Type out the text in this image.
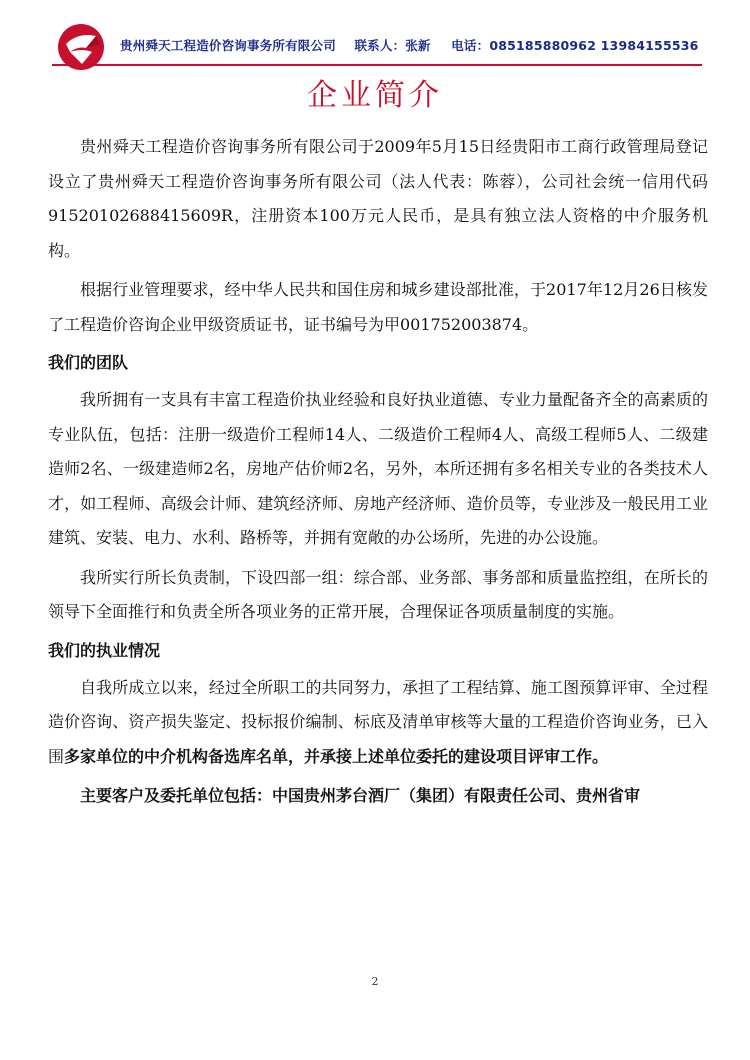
贵州舜天工程造价咨询事务所有限公司 联系人：张新 电话：085185880962 13984155536
企业简介

贵州舜天工程造价咨询事务所有限公司于2009年5月15日经贵阳市工商行政管理局登记设立了贵州舜天工程造价咨询事务所有限公司（法人代表：陈蓉），公司社会统一信用代码91520102688415609R，注册资本100万元人民币，是具有独立法人资格的中介服务机构。

根据行业管理要求，经中华人民共和国住房和城乡建设部批准，于2017年12月26日核发了工程造价咨询企业甲级资质证书，证书编号为甲001752003874。

我们的团队

我所拥有一支具有丰富工程造价执业经验和良好执业道德、专业力量配备齐全的高素质的专业队伍，包括：注册一级造价工程师14人、二级造价工程师4人、高级工程师5人、二级建造师2名、一级建造师2名，房地产估价师2名，另外，本所还拥有多名相关专业的各类技术人才，如工程师、高级会计师、建筑经济师、房地产经济师、造价员等，专业涉及一般民用工业建筑、安装、电力、水利、路桥等，并拥有宽敞的办公场所，先进的办公设施。

我所实行所长负责制，下设四部一组：综合部、业务部、事务部和质量监控组，在所长的领导下全面推行和负责全所各项业务的正常开展，合理保证各项质量制度的实施。

我们的执业情况

自我所成立以来，经过全所职工的共同努力，承担了工程结算、施工图预算评审、全过程造价咨询、资产损失鉴定、投标报价编制、标底及清单审核等大量的工程造价咨询业务，已入围多家单位的中介机构备选库名单，并承接上述单位委托的建设项目评审工作。

主要客户及委托单位包括：中国贵州茅台酒厂（集团）有限责任公司、贵州省审

2
